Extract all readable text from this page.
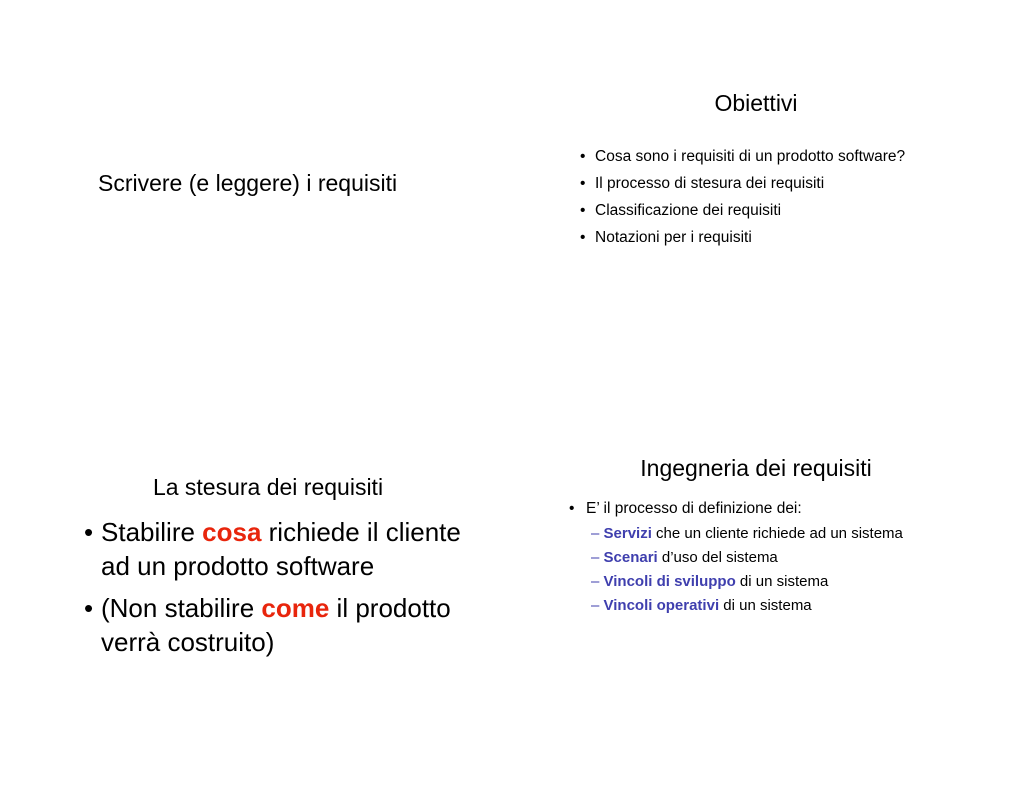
Scrivere (e leggere) i requisiti
Obiettivi
• Cosa sono i requisiti di un prodotto software?
• Il processo di stesura dei requisiti
• Classificazione dei requisiti
• Notazioni per i requisiti
La stesura dei requisiti
• Stabilire cosa richiede il cliente ad un prodotto software
• (Non stabilire come il prodotto verrà costruito)
Ingegneria dei requisiti

• E’ il processo di definizione dei:

– Servizi che un cliente richiede ad un sistema
– Scenari d’uso del sistema
– Vincoli di sviluppo di un sistema
– Vincoli operativi di un sistema
